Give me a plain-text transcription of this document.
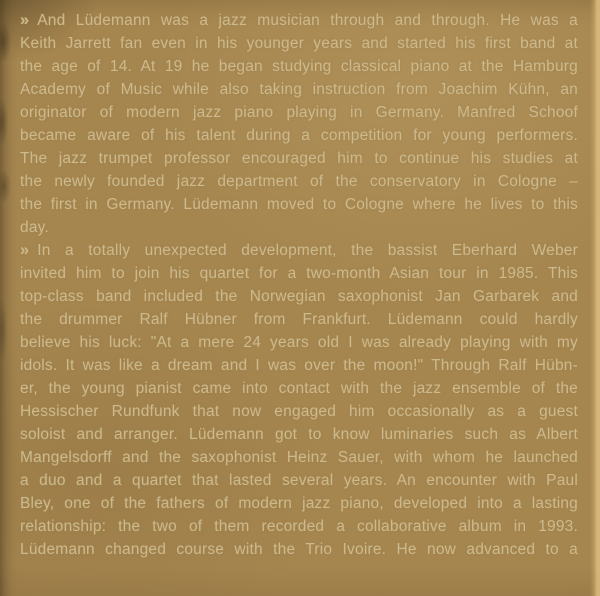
» And Lüdemann was a jazz musician through and through. He was a
Keith Jarrett fan even in his younger years and started his first band at
the age of 14. At 19 he began studying classical piano at the Hamburg
Academy of Music while also taking instruction from Joachim Kühn, an
originator of modern jazz piano playing in Germany. Manfred Schoof
became aware of his talent during a competition for young performers.
The jazz trumpet professor encouraged him to continue his studies at
the newly founded jazz department of the conservatory in Cologne –
the first in Germany. Lüdemann moved to Cologne where he lives to this
day.
» In a totally unexpected development, the bassist Eberhard Weber
invited him to join his quartet for a two-month Asian tour in 1985. This
top-class band included the Norwegian saxophonist Jan Garbarek and
the drummer Ralf Hübner from Frankfurt. Lüdemann could hardly
believe his luck: "At a mere 24 years old I was already playing with my
idols. It was like a dream and I was over the moon!" Through Ralf Hübn-
er, the young pianist came into contact with the jazz ensemble of the
Hessischer Rundfunk that now engaged him occasionally as a guest
soloist and arranger. Lüdemann got to know luminaries such as Albert
Mangelsdorff and the saxophonist Heinz Sauer, with whom he launched
a duo and a quartet that lasted several years. An encounter with Paul
Bley, one of the fathers of modern jazz piano, developed into a lasting
relationship: the two of them recorded a collaborative album in 1993.
Lüdemann changed course with the Trio Ivoire. He now advanced to a
